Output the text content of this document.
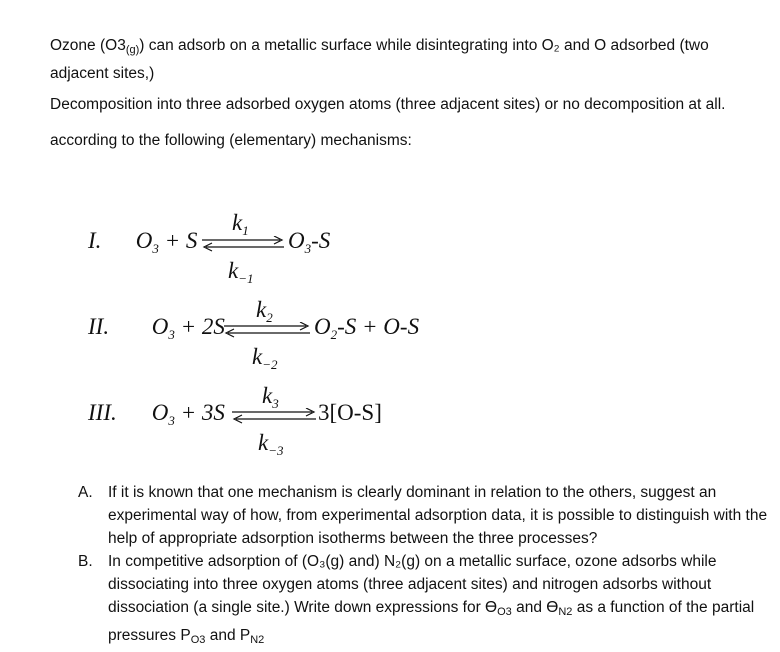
Ozone (O3(g)) can adsorb on a metallic surface while disintegrating into O₂ and O adsorbed (two adjacent sites,)
Decomposition into three adsorbed oxygen atoms (three adjacent sites) or no decomposition at all.
according to the following (elementary) mechanisms:
I. $O_3 + S$
$k_1$
$k_{-1}$
$O_3-S$
II. $O_3 + 2S$
$k_2$
$k_{-2}$
$O_2-S + O-S$
III. $O_3 + 3S$
$k_3$
$k_{-3}$
3[O-S]
A. If it is known that one mechanism is clearly dominant in relation to the others, suggest an experimental way of how, from experimental adsorption data, it is possible to distinguish with the help of appropriate adsorption isotherms between the three processes?
B. In competitive adsorption of (O₃(g) and) N₂(g) on a metallic surface, ozone adsorbs while dissociating into three oxygen atoms (three adjacent sites) and nitrogen adsorbs without dissociation (a single site.) Write down expressions for ϴO3 and ϴN2 as a function of the partial pressures PO3 and PN2
